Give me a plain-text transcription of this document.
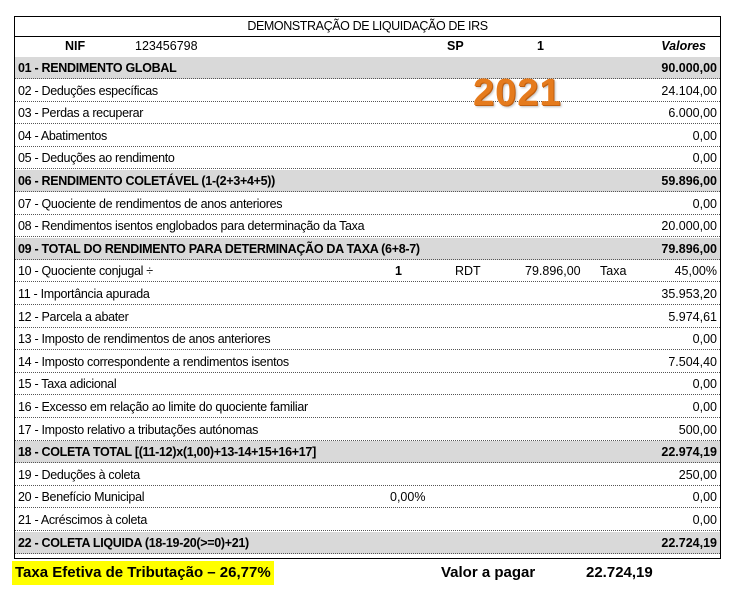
DEMONSTRAÇÃO DE LIQUIDAÇÃO DE IRS
NIF	123456798	SP	1	Valores
01 - RENDIMENTO GLOBAL	90.000,00
02 - Deduções específicas	24.104,00
03 - Perdas a recuperar	6.000,00
04 - Abatimentos	0,00
05 - Deduções ao rendimento	0,00
06 - RENDIMENTO COLETÁVEL (1-(2+3+4+5))	59.896,00
07 - Quociente de rendimentos de anos anteriores	0,00
08 - Rendimentos isentos englobados para determinação da Taxa	20.000,00
09 - TOTAL DO RENDIMENTO PARA DETERMINAÇÃO DA TAXA (6+8-7)	79.896,00
10 - Quociente conjugal ÷	1	RDT	79.896,00 Taxa	45,00%
11 - Importância apurada	35.953,20
12 - Parcela a abater	5.974,61
13 - Imposto de rendimentos de anos anteriores	0,00
14 - Imposto correspondente a rendimentos isentos	7.504,40
15 - Taxa adicional	0,00
16 - Excesso em relação ao limite do quociente familiar	0,00
17 - Imposto relativo a tributações autónomas	500,00
18 - COLETA TOTAL [(11-12)x(1,00)+13-14+15+16+17]	22.974,19
19 - Deduções à coleta	250,00
20 - Benefício Municipal	0,00%	0,00
21 - Acréscimos à coleta	0,00
22 - COLETA LIQUIDA (18-19-20(>=0)+21)	22.724,19
2021
Taxa Efetiva de Tributação – 26,77%	Valor a pagar	22.724,19
